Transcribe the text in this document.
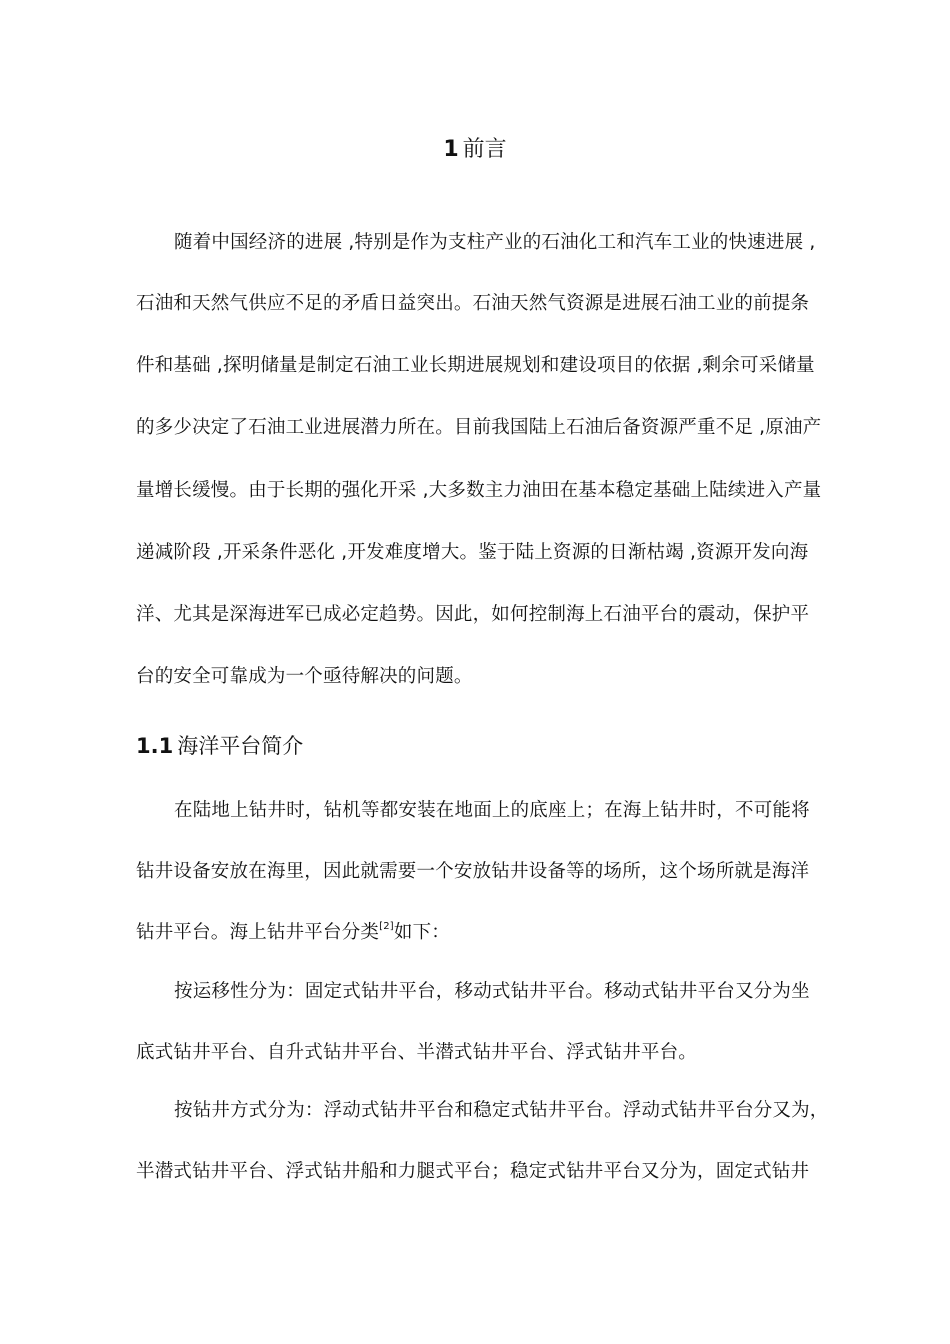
1 前言
随着中国经济的进展 ,特别是作为支柱产业的石油化工和汽车工业的快速进展 ,
石油和天然气供应不足的矛盾日益突出。石油天然气资源是进展石油工业的前提条
件和基础 ,探明储量是制定石油工业长期进展规划和建设项目的依据 ,剩余可采储量
的多少决定了石油工业进展潜力所在。目前我国陆上石油后备资源严重不足 ,原油产
量增长缓慢。由于长期的强化开采 ,大多数主力油田在基本稳定基础上陆续进入产量
递减阶段 ,开采条件恶化 ,开发难度增大。鉴于陆上资源的日渐枯竭 ,资源开发向海
洋、尤其是深海进军已成必定趋势。因此，如何控制海上石油平台的震动，保护平
台的安全可靠成为一个亟待解决的问题。
1.1 海洋平台简介
在陆地上钻井时，钻机等都安装在地面上的底座上；在海上钻井时，不可能将
钻井设备安放在海里，因此就需要一个安放钻井设备等的场所，这个场所就是海洋
钻井平台。海上钻井平台分类[2]如下：
按运移性分为：固定式钻井平台，移动式钻井平台。移动式钻井平台又分为坐
底式钻井平台、自升式钻井平台、半潜式钻井平台、浮式钻井平台。
按钻井方式分为：浮动式钻井平台和稳定式钻井平台。浮动式钻井平台分又为，
半潜式钻井平台、浮式钻井船和力腿式平台；稳定式钻井平台又分为，固定式钻井
